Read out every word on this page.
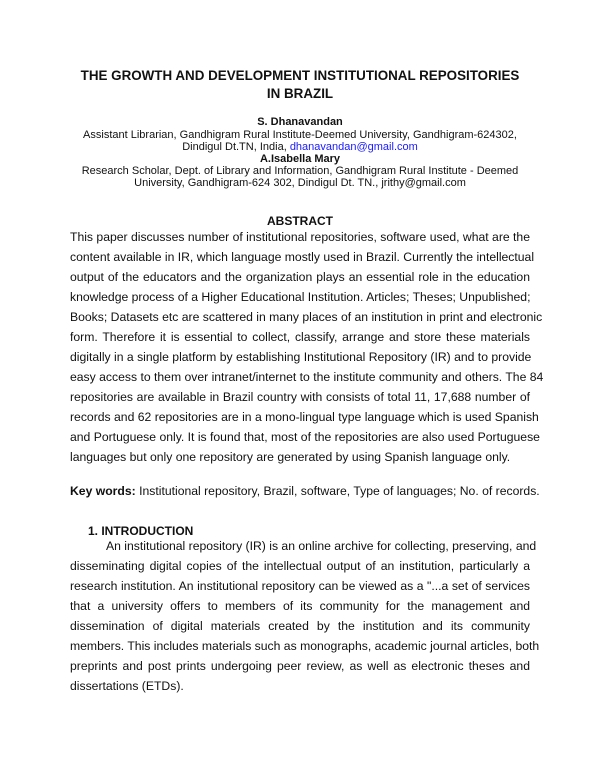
THE GROWTH AND DEVELOPMENT INSTITUTIONAL REPOSITORIES
IN BRAZIL
S. Dhanavandan
Assistant Librarian, Gandhigram Rural Institute-Deemed University, Gandhigram-624302,
Dindigul Dt.TN, India, dhanavandan@gmail.com
A.Isabella Mary
Research Scholar, Dept. of Library and Information, Gandhigram Rural Institute - Deemed
University, Gandhigram-624 302, Dindigul Dt. TN., jrithy@gmail.com
ABSTRACT
This paper discusses number of institutional repositories, software used, what are the
content available in IR, which language mostly used in Brazil. Currently the intellectual
output of the educators and the organization plays an essential role in the education
knowledge process of a Higher Educational Institution. Articles; Theses; Unpublished;
Books; Datasets etc are scattered in many places of an institution in print and electronic
form. Therefore it is essential to collect, classify, arrange and store these materials
digitally in a single platform by establishing Institutional Repository (IR) and to provide
easy access to them over intranet/internet to the institute community and others. The 84
repositories are available in Brazil country with consists of total 11, 17,688 number of
records and 62 repositories are in a mono-lingual type language which is used Spanish
and Portuguese only. It is found that, most of the repositories are also used Portuguese
languages but only one repository are generated by using Spanish language only.
Key words: Institutional repository, Brazil, software, Type of languages; No. of records.
1. INTRODUCTION
An institutional repository (IR) is an online archive for collecting, preserving, and
disseminating digital copies of the intellectual output of an institution, particularly a
research institution. An institutional repository can be viewed as a "...a set of services
that a university offers to members of its community for the management and
dissemination of digital materials created by the institution and its community
members. This includes materials such as monographs, academic journal articles, both
preprints and post prints undergoing peer review, as well as electronic theses and
dissertations (ETDs).
